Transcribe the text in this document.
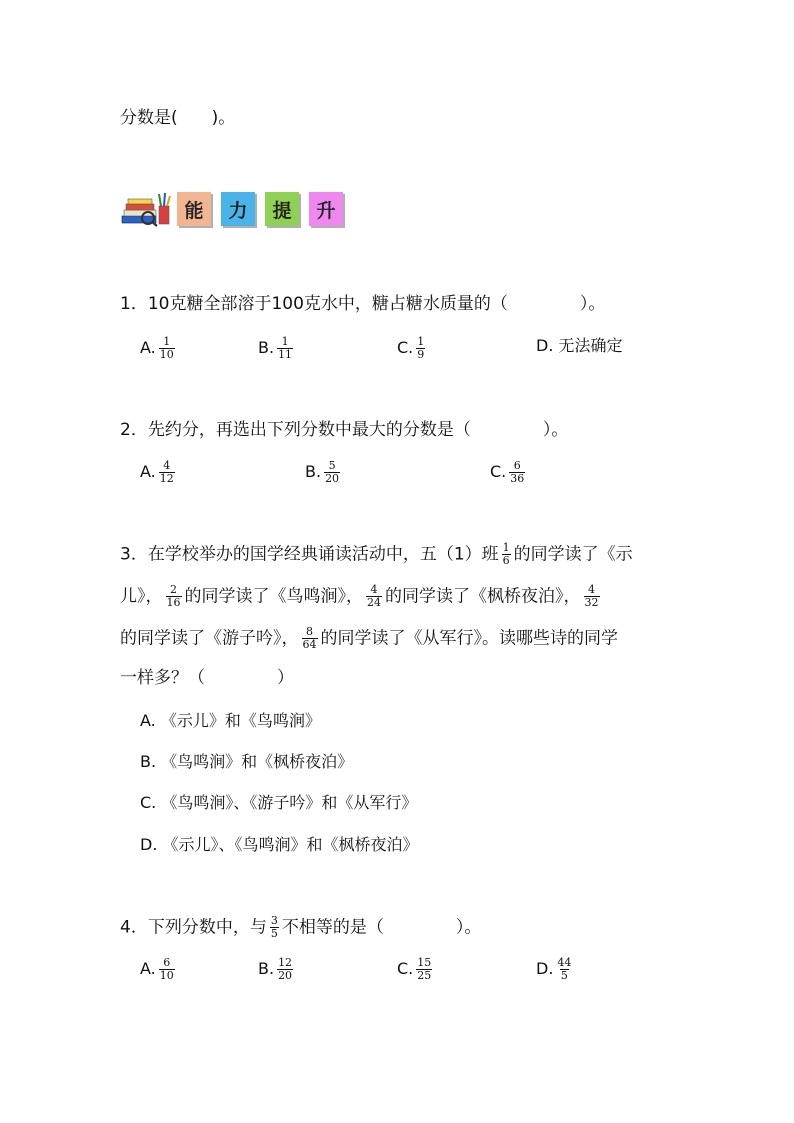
分数是(　　)。
能	力	提	升
1．10克糖全部溶于100克水中，糖占糖水质量的（	）。
A. $\frac{1}{10}$	B. $\frac{1}{11}$	C. $\frac{1}{9}$	D. 无法确定
2．先约分，再选出下列分数中最大的分数是（	）。
A. $\frac{4}{12}$	B. $\frac{5}{20}$	C. $\frac{6}{36}$
3．在学校举办的国学经典诵读活动中，五（1）班 $\frac{1}{6}$ 的同学读了《示
儿》， $\frac{2}{16}$ 的同学读了《鸟鸣涧》， $\frac{4}{24}$ 的同学读了《枫桥夜泊》， $\frac{4}{32}$
的同学读了《游子吟》， $\frac{8}{64}$ 的同学读了《从军行》。读哪些诗的同学
一样多？（	）
A. 《示儿》和《鸟鸣涧》
B. 《鸟鸣涧》和《枫桥夜泊》
C. 《鸟鸣涧》、《游子吟》和《从军行》
D. 《示儿》、《鸟鸣涧》和《枫桥夜泊》
4．下列分数中，与 $\frac{3}{5}$ 不相等的是（	）。
A. $\frac{6}{10}$	B. $\frac{12}{20}$	C. $\frac{15}{25}$	D. $\frac{44}{5}$
